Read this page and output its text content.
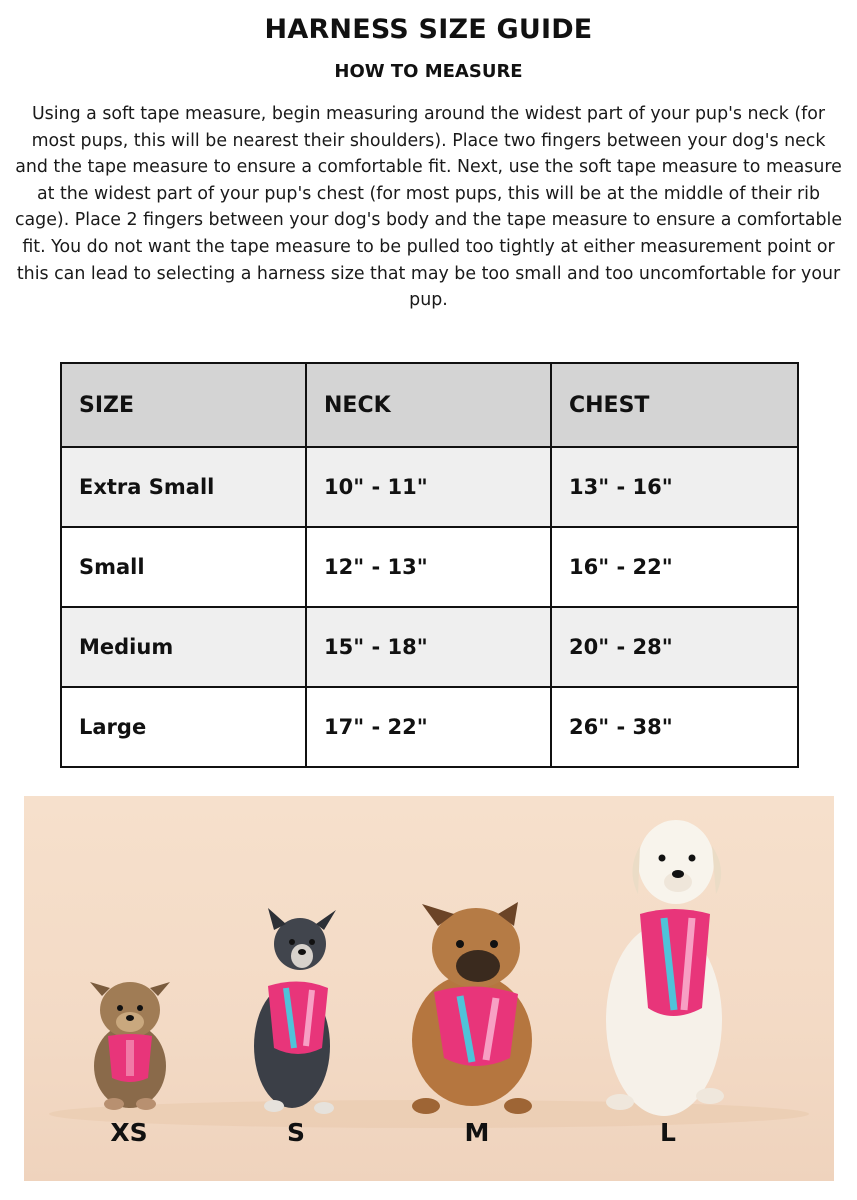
HARNESS SIZE GUIDE
HOW TO MEASURE
Using a soft tape measure, begin measuring around the widest part of your pup's neck (for most pups, this will be nearest their shoulders). Place two fingers between your dog's neck and the tape measure to ensure a comfortable fit. Next, use the soft tape measure to measure at the widest part of your pup's chest (for most pups, this will be at the middle of their rib cage). Place 2 fingers between your dog's body and the tape measure to ensure a comfortable fit. You do not want the tape measure to be pulled too tightly at either measurement point or this can lead to selecting a harness size that may be too small and too uncomfortable for your pup.
SIZE	NECK	CHEST
Extra Small	10" - 11"	13" - 16"
Small	12" - 13"	16" - 22"
Medium	15" - 18"	20" - 28"
Large	17" - 22"	26" - 38"
XS	S	M	L
